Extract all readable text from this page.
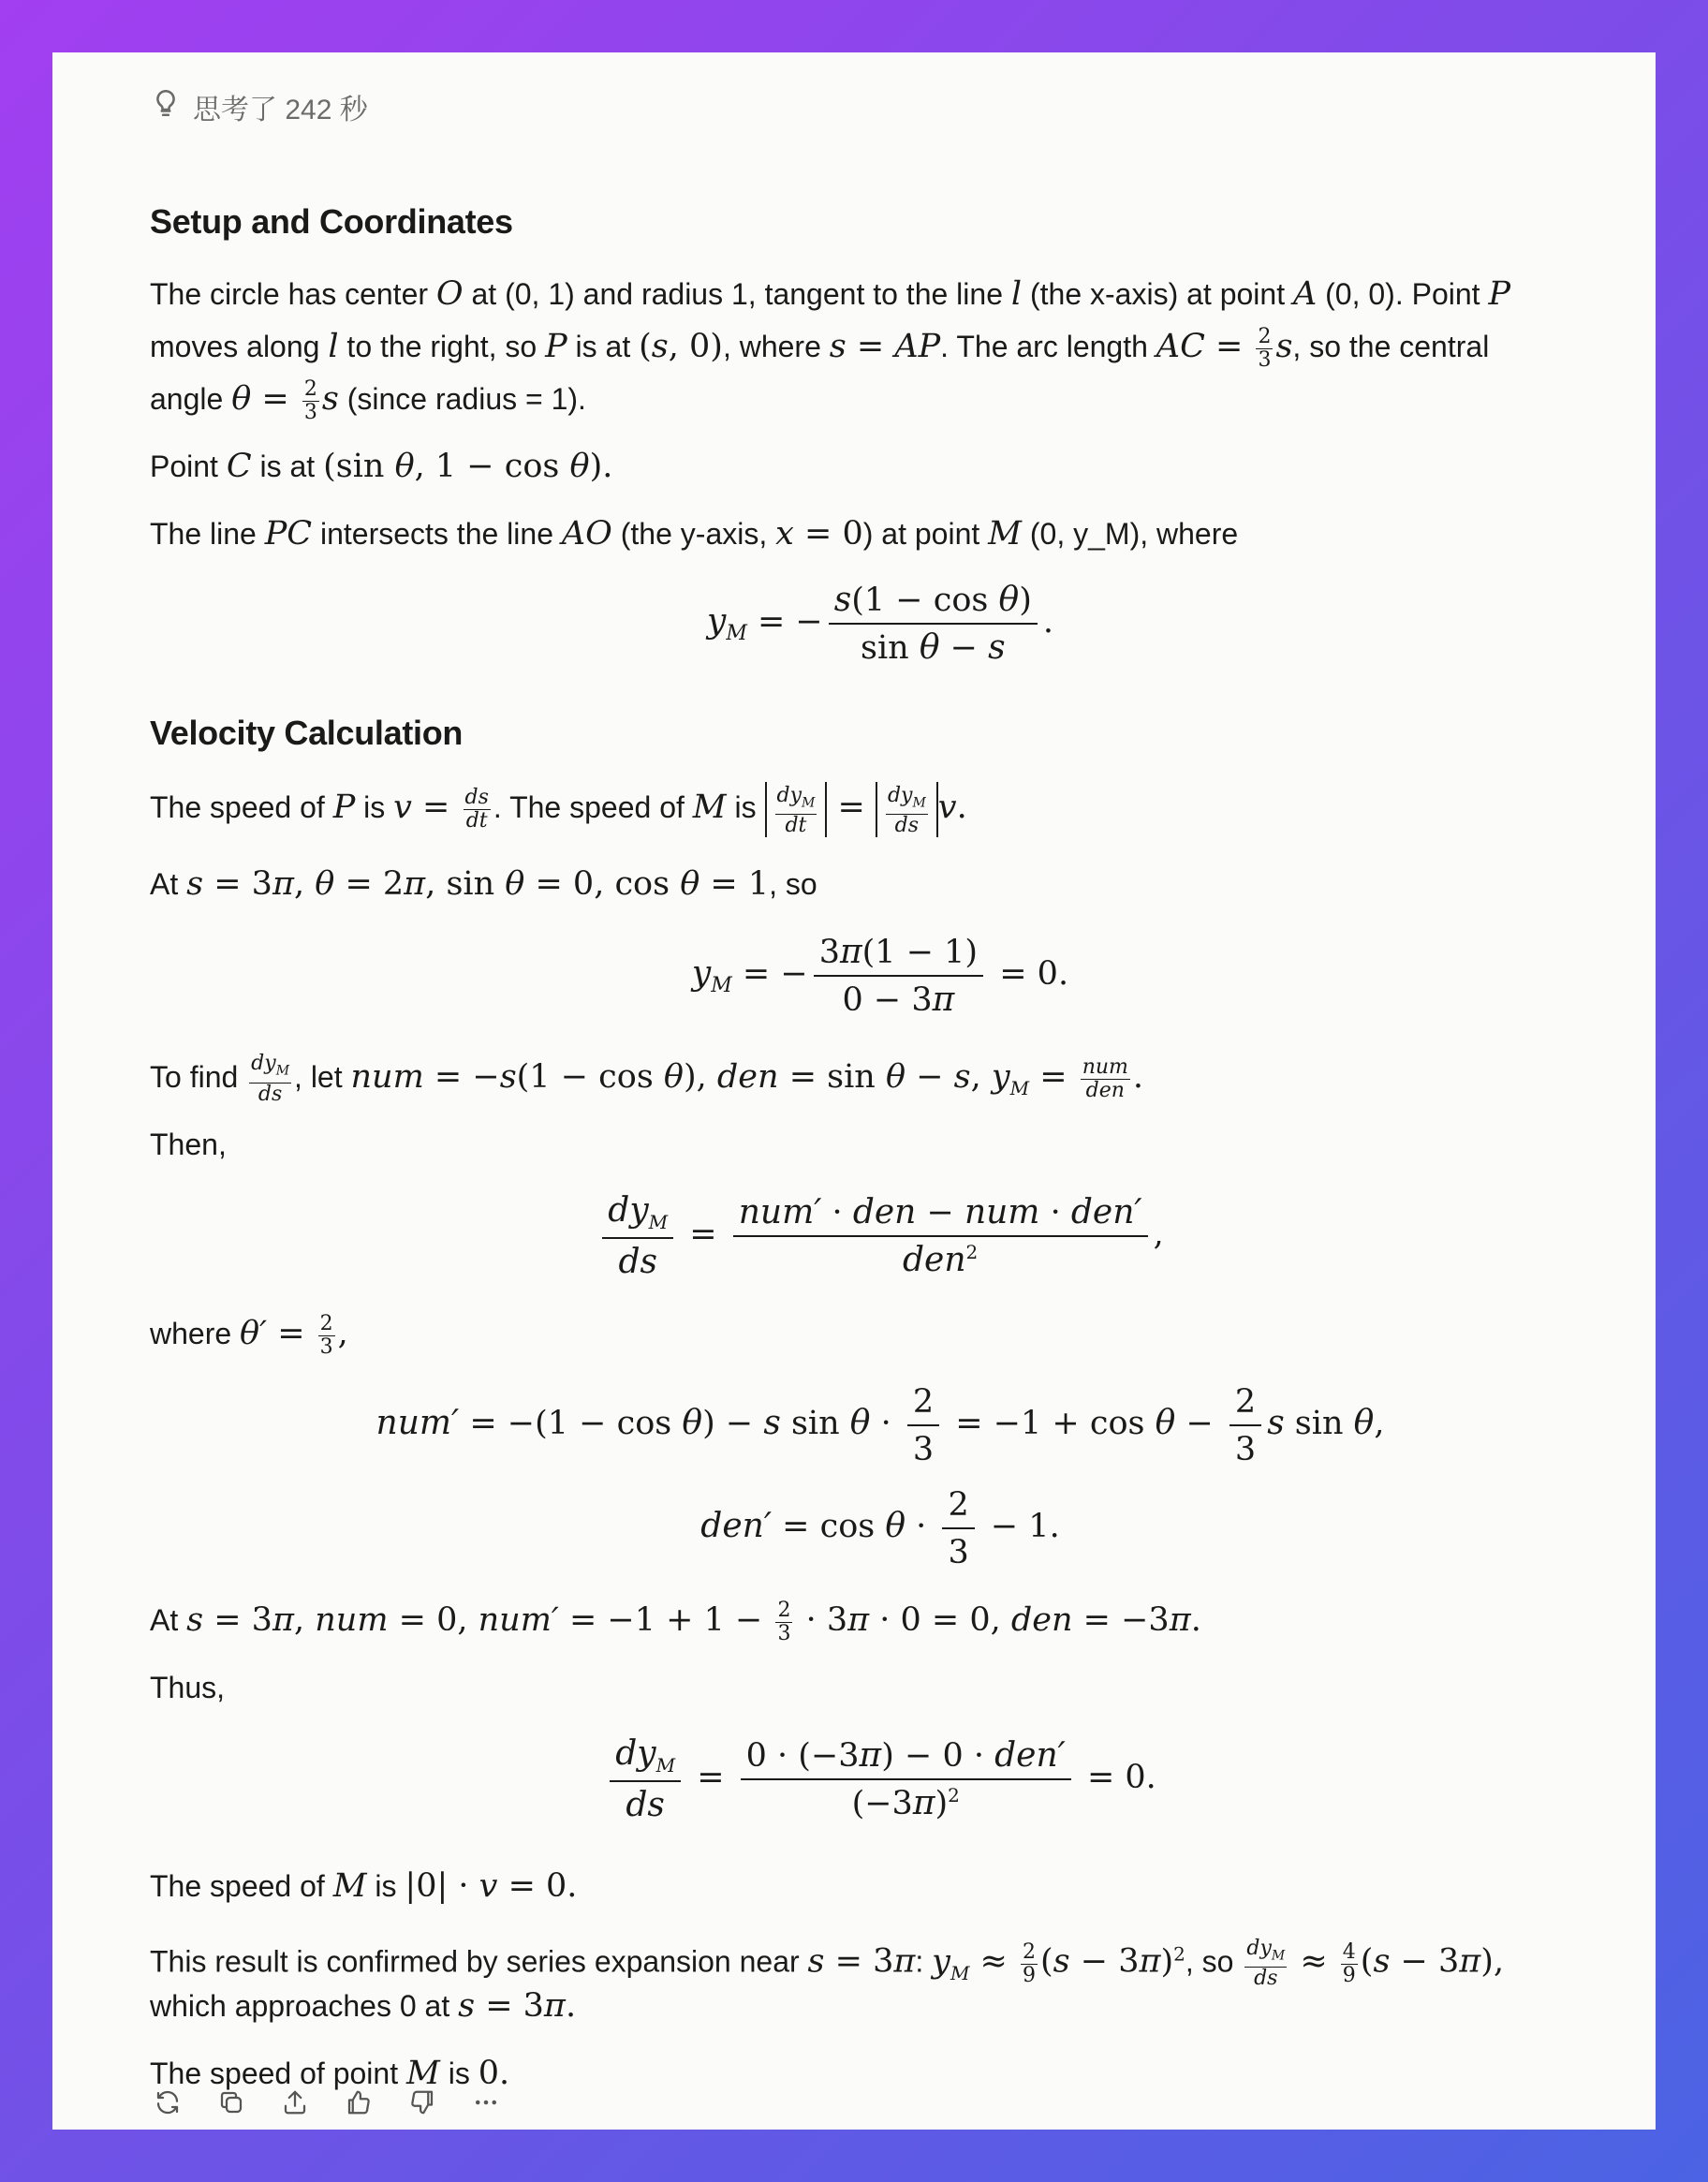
思考了 242 秒
Setup and Coordinates
The circle has center O at (0, 1) and radius 1, tangent to the line l (the x-axis) at point A (0, 0). Point P
moves along l to the right, so P is at (s, 0), where s = AP. The arc length AC = $\frac{2}{3} s$, so the central
angle $\theta = \frac{2}{3}$ s (since radius = 1).
Point C is at (sin θ, 1 − cos θ).
The line PC intersects the line AO (the y-axis, x = 0) at point M (0, y_M), where
$y_M$ = − $\frac{\text{s(1 − cos θ)}}{\text{sin θ − s}}$ .
Velocity Calculation
The speed of P is $v = \frac{ds}{dt}$ . The speed of M is $\frac{dy_M}{dt} = \frac{dy_M}{ds} v$.
At s = 3π, θ = 2π, sin θ = 0, cos θ = 1, so
$y_M$ = − $\frac{3\pi(1 - 1)}{0 - 3\pi} = 0$.
To find $\frac{dy_M}{ds}$ , let num = −s(1 − cos θ), den = sin θ − s, $y_M = \frac{\text{num}}{\text{den}}$ .
Then,
$\frac{dy_M}{ds} = \frac{\text{num′ · den − num · den′}}{den^2}$ ,
where $\theta' = \frac{2}{3}$ ,
num′ = −(1 − cos θ) − s $\sin \theta \cdot \frac{2}{3} = -1 + \cos \theta - \frac{2}{3}$ s sin θ,
$den' = \cos \theta \cdot \frac{2}{3} - 1$.
At s = 3π, num = 0, $num' = -1 + 1 - \frac{2}{3} \cdot 3\pi \cdot 0 = 0$, den = −3π.
Thus,
$\frac{dy_M}{ds} = \frac{\text{0 · (−3π) − 0 · den′}}{(-3\pi)^2} = 0$.
The speed of M is |0| · v = 0.
This result is confirmed by series expansion near s = 3π: $y_M \approx \frac{2}{9} (s - 3\pi)^2$, so $\frac{dy_M}{ds} \approx \frac{4}{9} (s - 3\pi)$,
which approaches 0 at s = 3π.
The speed of point M is 0.
